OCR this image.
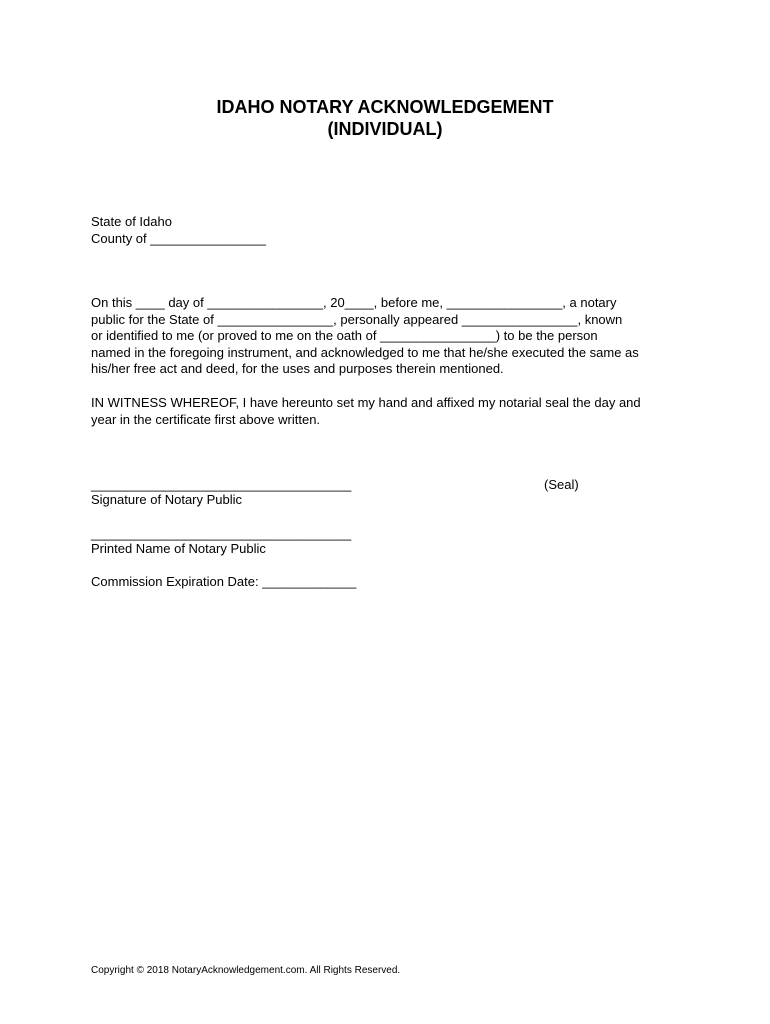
IDAHO NOTARY ACKNOWLEDGEMENT
(INDIVIDUAL)
State of Idaho
County of ________________
On this ____ day of ________________, 20____, before me, ________________, a notary
public for the State of ________________, personally appeared ________________, known
or identified to me (or proved to me on the oath of ________________) to be the person
named in the foregoing instrument, and acknowledged to me that he/she executed the same as
his/her free act and deed, for the uses and purposes therein mentioned.
IN WITNESS WHEREOF, I have hereunto set my hand and affixed my notarial seal the day and
year in the certificate first above written.
____________________________________	(Seal)
Signature of Notary Public
____________________________________
Printed Name of Notary Public
Commission Expiration Date: _____________
Copyright © 2018 NotaryAcknowledgement.com. All Rights Reserved.
